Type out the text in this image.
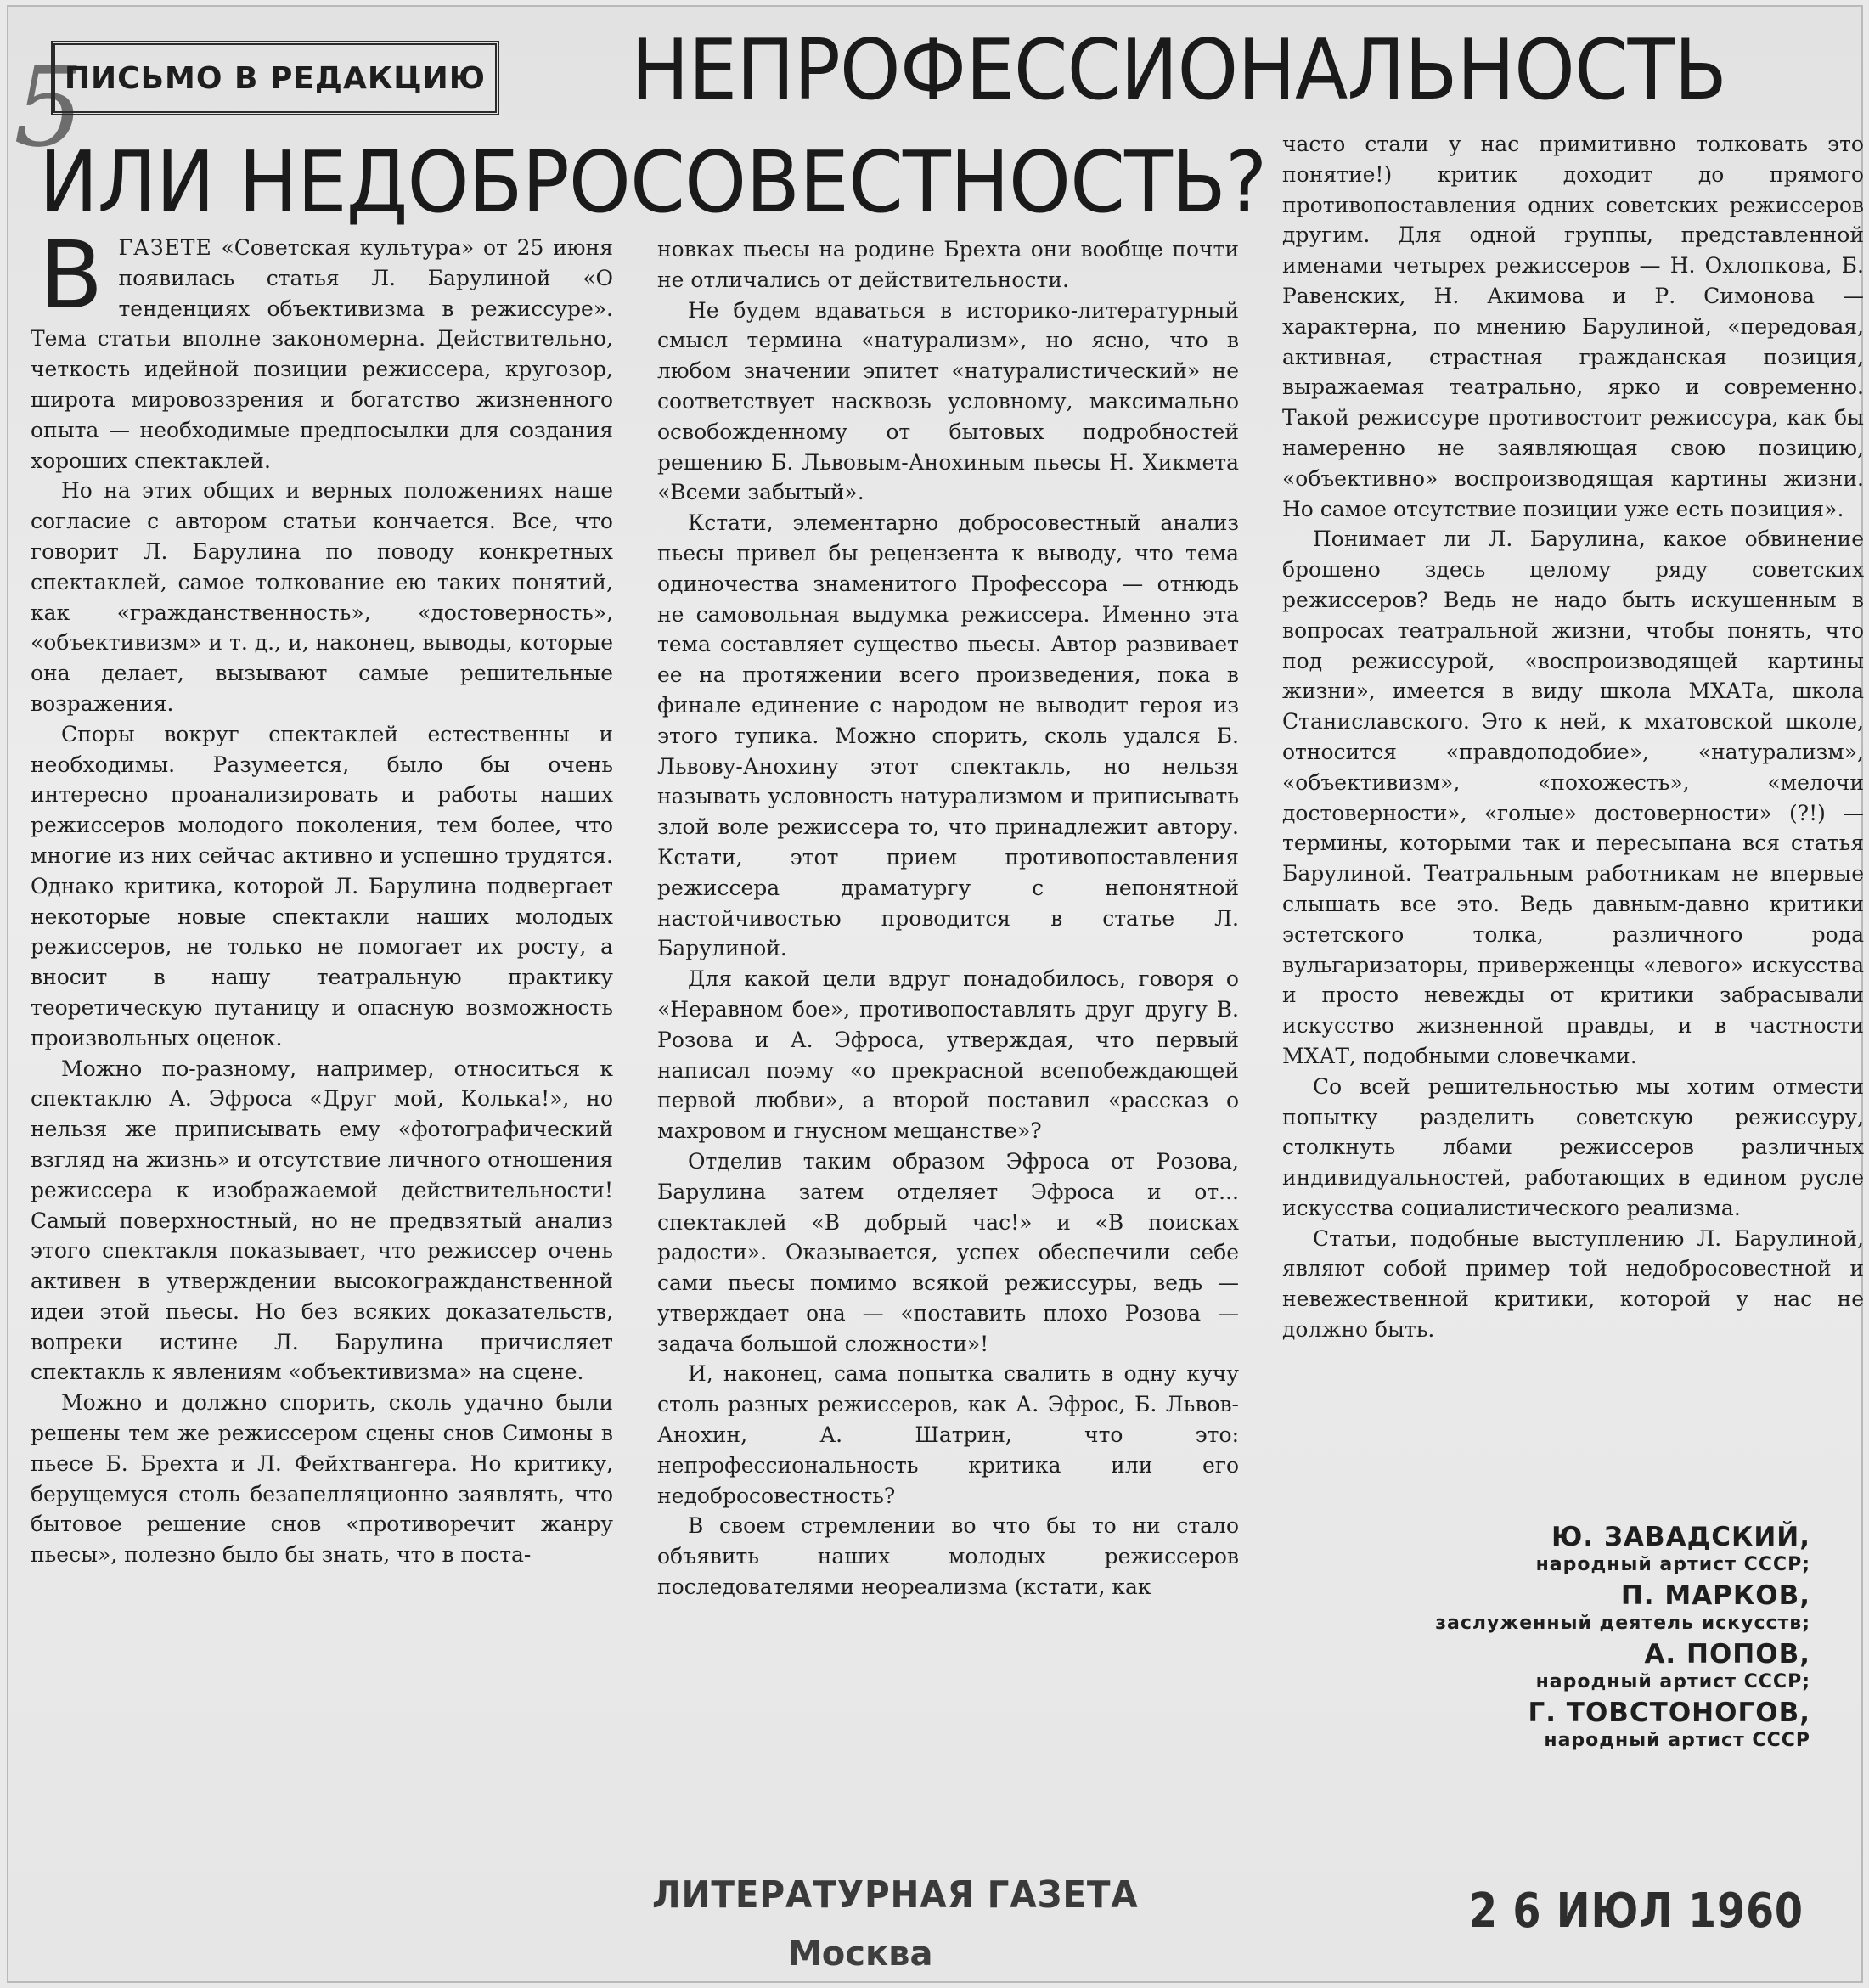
5
ПИСЬМО В РЕДАКЦИЮ НЕПРОФЕССИОНАЛЬНОСТЬ
ИЛИ НЕДОБРОСОВЕСТНОСТЬ?

ВГАЗЕТЕ «Советская культура» от 25 июня появилась статья Л. Барулиной «О тенденциях объективизма в режиссуре». Тема статьи вполне закономерна. Действительно, четкость идейной позиции режиссера, кругозор, широта мировоззрения и богатство жизненного опыта — необходимые предпосылки для создания хороших спектаклей.

Но на этих общих и верных положениях наше согласие с автором статьи кончается. Все, что говорит Л. Барулина по поводу конкретных спектаклей, самое толкование ею таких понятий, как «гражданственность», «достоверность», «объективизм» и т. д., и, наконец, выводы, которые она делает, вызывают самые решительные возражения.

Споры вокруг спектаклей естественны и необходимы. Разумеется, было бы очень интересно проанализировать и работы наших режиссеров молодого поколения, тем более, что многие из них сейчас активно и успешно трудятся. Однако критика, которой Л. Барулина подвергает некоторые новые спектакли наших молодых режиссеров, не только не помогает их росту, а вносит в нашу театральную практику теоретическую путаницу и опасную возможность произвольных оценок.

Можно по-разному, например, относиться к спектаклю А. Эфроса «Друг мой, Колька!», но нельзя же приписывать ему «фотографический взгляд на жизнь» и отсутствие личного отношения режиссера к изображаемой действительности! Самый поверхностный, но не предвзятый анализ этого спектакля показывает, что режиссер очень активен в утверждении высокогражданственной идеи этой пьесы. Но без всяких доказательств, вопреки истине Л. Барулина причисляет спектакль к явлениям «объективизма» на сцене.

Можно и должно спорить, сколь удачно были решены тем же режиссером сцены снов Симоны в пьесе Б. Брехта и Л. Фейхтвангера. Но критику, берущемуся столь безапелляционно заявлять, что бытовое решение снов «противоречит жанру пьесы», полезно было бы знать, что в поста-

новках пьесы на родине Брехта они вообще почти не отличались от действительности.

Не будем вдаваться в историко-литературный смысл термина «натурализм», но ясно, что в любом значении эпитет «натуралистический» не соответствует насквозь условному, максимально освобожденному от бытовых подробностей решению Б. Львовым-Анохиным пьесы Н. Хикмета «Всеми забытый».

Кстати, элементарно добросовестный анализ пьесы привел бы рецензента к выводу, что тема одиночества знаменитого Профессора — отнюдь не самовольная выдумка режиссера. Именно эта тема составляет существо пьесы. Автор развивает ее на протяжении всего произведения, пока в финале единение с народом не выводит героя из этого тупика. Можно спорить, сколь удался Б. Львову-Анохину этот спектакль, но нельзя называть условность натурализмом и приписывать злой воле режиссера то, что принадлежит автору. Кстати, этот прием противопоставления режиссера драматургу с непонятной настойчивостью проводится в статье Л. Барулиной.

Для какой цели вдруг понадобилось, говоря о «Неравном бое», противопоставлять друг другу В. Розова и А. Эфроса, утверждая, что первый написал поэму «о прекрасной всепобеждающей первой любви», а второй поставил «рассказ о махровом и гнусном мещанстве»?

Отделив таким образом Эфроса от Розова, Барулина затем отделяет Эфроса и от... спектаклей «В добрый час!» и «В поисках радости». Оказывается, успех обеспечили себе сами пьесы помимо всякой режиссуры, ведь — утверждает она — «поставить плохо Розова — задача большой сложности»!

И, наконец, сама попытка свалить в одну кучу столь разных режиссеров, как А. Эфрос, Б. Львов-Анохин, А. Шатрин, что это: непрофессиональность критика или его недобросовестность?

В своем стремлении во что бы то ни стало объявить наших молодых режиссеров последователями неореализма (кстати, как

часто стали у нас примитивно толковать это понятие!) критик доходит до прямого противопоставления одних советских режиссеров другим. Для одной группы, представленной именами четырех режиссеров — Н. Охлопкова, Б. Равенских, Н. Акимова и Р. Симонова — характерна, по мнению Барулиной, «передовая, активная, страстная гражданская позиция, выражаемая театрально, ярко и современно. Такой режиссуре противостоит режиссура, как бы намеренно не заявляющая свою позицию, «объективно» воспроизводящая картины жизни. Но самое отсутствие позиции уже есть позиция».

Понимает ли Л. Барулина, какое обвинение брошено здесь целому ряду советских режиссеров? Ведь не надо быть искушенным в вопросах театральной жизни, чтобы понять, что под режиссурой, «воспроизводящей картины жизни», имеется в виду школа МХАТа, школа Станиславского. Это к ней, к мхатовской школе, относится «правдоподобие», «натурализм», «объективизм», «похожесть», «мелочи достоверности», «голые» достоверности» (?!) — термины, которыми так и пересыпана вся статья Барулиной. Театральным работникам не впервые слышать все это. Ведь давным-давно критики эстетского толка, различного рода вульгаризаторы, приверженцы «левого» искусства и просто невежды от критики забрасывали искусство жизненной правды, и в частности МХАТ, подобными словечками.

Со всей решительностью мы хотим отмести попытку разделить советскую режиссуру, столкнуть лбами режиссеров различных индивидуальностей, работающих в едином русле искусства социалистического реализма.

Статьи, подобные выступлению Л. Барулиной, являют собой пример той недобросовестной и невежественной критики, которой у нас не должно быть.

Ю. ЗАВАДСКИЙ,
народный артист СССР;
П. МАРКОВ,
заслуженный деятель искусств;
А. ПОПОВ,
народный артист СССР;
Г. ТОВСТОНОГОВ,
народный артист СССР
ЛИТЕРАТУРНАЯ ГАЗЕТА
Москва
2 6 ИЮЛ 1960
